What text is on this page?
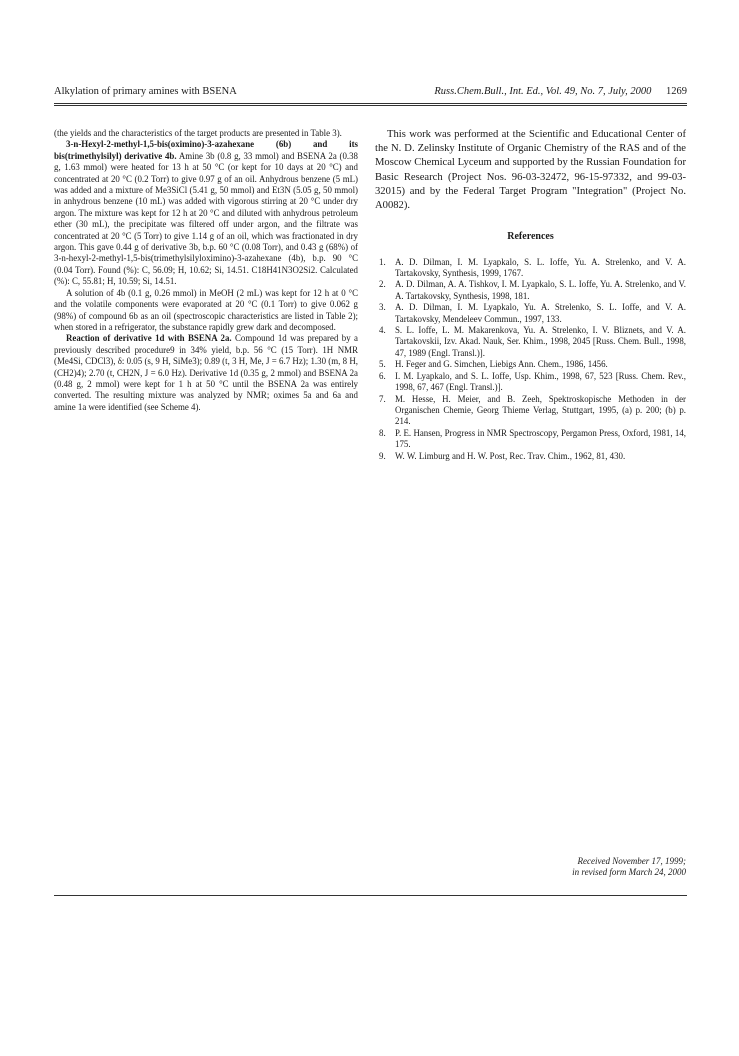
Alkylation of primary amines with BSENA	Russ.Chem.Bull., Int. Ed., Vol. 49, No. 7, July, 2000 1269

(the yields and the characteristics of the target products are presented in Table 3).

3-n-Hexyl-2-methyl-1,5-bis(oximino)-3-azahexane (6b) and its bis(trimethylsilyl) derivative 4b. Amine 3b (0.8 g, 33 mmol) and BSENA 2a (0.38 g, 1.63 mmol) were heated for 13 h at 50 °C (or kept for 10 days at 20 °C) and concentrated at 20 °C (0.2 Torr) to give 0.97 g of an oil. Anhydrous benzene (5 mL) was added and a mixture of Me3SiCl (5.41 g, 50 mmol) and Et3N (5.05 g, 50 mmol) in anhydrous benzene (10 mL) was added with vigorous stirring at 20 °C under dry argon. The mixture was kept for 12 h at 20 °C and diluted with anhydrous petroleum ether (30 mL), the precipitate was filtered off under argon, and the filtrate was concentrated at 20 °C (5 Torr) to give 1.14 g of an oil, which was fractionated in dry argon. This gave 0.44 g of derivative 3b, b.p. 60 °C (0.08 Torr), and 0.43 g (68%) of 3-n-hexyl-2-methyl-1,5-bis(trimethylsilyloximino)-3-azahexane (4b), b.p. 90 °C (0.04 Torr). Found (%): C, 56.09; H, 10.62; Si, 14.51. C18H41N3O2Si2. Calculated (%): C, 55.81; H, 10.59; Si, 14.51.

A solution of 4b (0.1 g, 0.26 mmol) in MeOH (2 mL) was kept for 12 h at 0 °C and the volatile components were evaporated at 20 °C (0.1 Torr) to give 0.062 g (98%) of compound 6b as an oil (spectroscopic characteristics are listed in Table 2); when stored in a refrigerator, the substance rapidly grew dark and decomposed.

Reaction of derivative 1d with BSENA 2a. Compound 1d was prepared by a previously described procedure9 in 34% yield, b.p. 56 °C (15 Torr). 1H NMR (Me4Si, CDCl3), δ: 0.05 (s, 9 H, SiMe3); 0.89 (t, 3 H, Me, J = 6.7 Hz); 1.30 (m, 8 H, (CH2)4); 2.70 (t, CH2N, J = 6.0 Hz). Derivative 1d (0.35 g, 2 mmol) and BSENA 2a (0.48 g, 2 mmol) were kept for 1 h at 50 °C until the BSENA 2a was entirely converted. The resulting mixture was analyzed by NMR; oximes 5a and 6a and amine 1a were identified (see Scheme 4).

This work was performed at the Scientific and Educational Center of the N. D. Zelinsky Institute of Organic Chemistry of the RAS and of the Moscow Chemical Lyceum and supported by the Russian Foundation for Basic Research (Project Nos. 96-03-32472, 96-15-97332, and 99-03-32015) and by the Federal Target Program "Integration" (Project No. A0082).

References
1. A. D. Dilman, I. M. Lyapkalo, S. L. Ioffe, Yu. A. Strelenko, and V. A. Tartakovsky, Synthesis, 1999, 1767.
2. A. D. Dilman, A. A. Tishkov, I. M. Lyapkalo, S. L. Ioffe, Yu. A. Strelenko, and V. A. Tartakovsky, Synthesis, 1998, 181.
3. A. D. Dilman, I. M. Lyapkalo, Yu. A. Strelenko, S. L. Ioffe, and V. A. Tartakovsky, Mendeleev Commun., 1997, 133.
4. S. L. Ioffe, L. M. Makarenkova, Yu. A. Strelenko, I. V. Bliznets, and V. A. Tartakovskii, Izv. Akad. Nauk, Ser. Khim., 1998, 2045 [Russ. Chem. Bull., 1998, 47, 1989 (Engl. Transl.)].
5. H. Feger and G. Simchen, Liebigs Ann. Chem., 1986, 1456.
6. I. M. Lyapkalo, and S. L. Ioffe, Usp. Khim., 1998, 67, 523 [Russ. Chem. Rev., 1998, 67, 467 (Engl. Transl.)].
7. M. Hesse, H. Meier, and B. Zeeh, Spektroskopische Methoden in der Organischen Chemie, Georg Thieme Verlag, Stuttgart, 1995, (a) p. 200; (b) p. 214.
8. P. E. Hansen, Progress in NMR Spectroscopy, Pergamon Press, Oxford, 1981, 14, 175.
9. W. W. Limburg and H. W. Post, Rec. Trav. Chim., 1962, 81, 430.
Received November 17, 1999;
in revised form March 24, 2000
